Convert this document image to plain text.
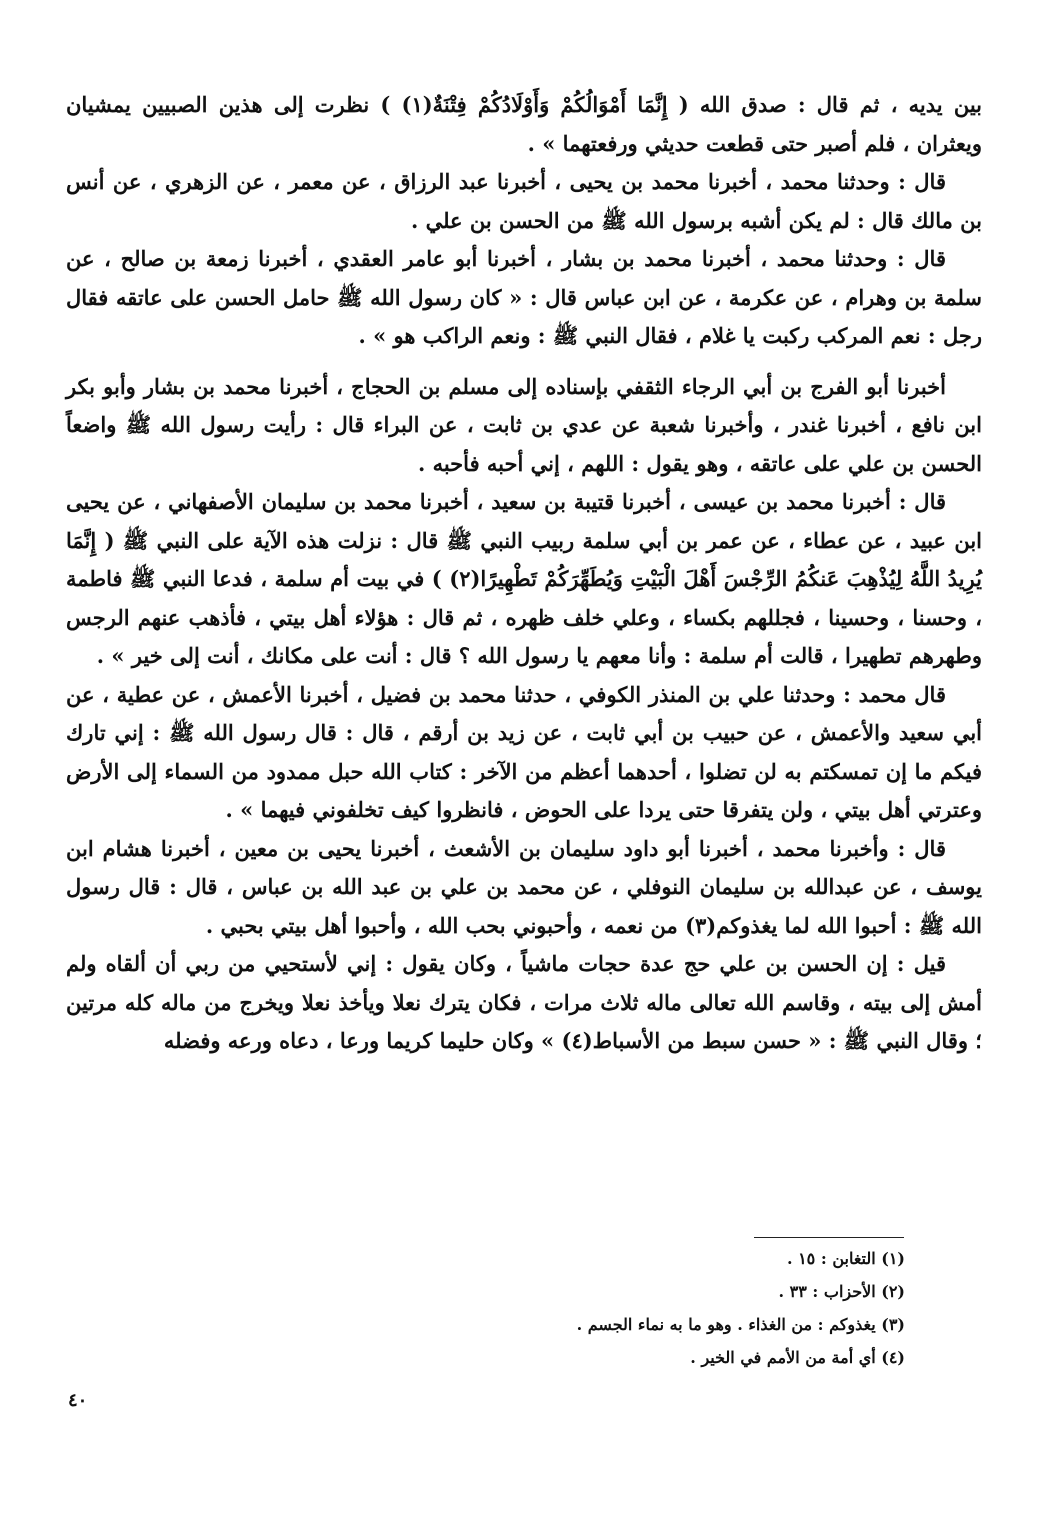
بين يديه ، ثم قال : صدق الله ( إِنَّمَا أَمْوَالُكُمْ وَأَوْلَادُكُمْ فِتْنَةٌ(١) ) نظرت إلى هذين الصبيين يمشيان ويعثران ، فلم أصبر حتى قطعت حديثي ورفعتهما » .

قال : وحدثنا محمد ، أخبرنا محمد بن يحيى ، أخبرنا عبد الرزاق ، عن معمر ، عن الزهري ، عن أنس بن مالك قال : لم يكن أشبه برسول الله ﷺ من الحسن بن علي .

قال : وحدثنا محمد ، أخبرنا محمد بن بشار ، أخبرنا أبو عامر العقدي ، أخبرنا زمعة بن صالح ، عن سلمة بن وهرام ، عن عكرمة ، عن ابن عباس قال : « كان رسول الله ﷺ حامل الحسن على عاتقه فقال رجل : نعم المركب ركبت يا غلام ، فقال النبي ﷺ : ونعم الراكب هو » .

أخبرنا أبو الفرج بن أبي الرجاء الثقفي بإسناده إلى مسلم بن الحجاج ، أخبرنا محمد بن بشار وأبو بكر ابن نافع ، أخبرنا غندر ، وأخبرنا شعبة عن عدي بن ثابت ، عن البراء قال : رأيت رسول الله ﷺ واضعاً الحسن بن علي على عاتقه ، وهو يقول : اللهم ، إني أحبه فأحبه .

قال : أخبرنا محمد بن عيسى ، أخبرنا قتيبة بن سعيد ، أخبرنا محمد بن سليمان الأصفهاني ، عن يحيى ابن عبيد ، عن عطاء ، عن عمر بن أبي سلمة ربيب النبي ﷺ قال : نزلت هذه الآية على النبي ﷺ ( إِنَّمَا يُرِيدُ اللَّهُ لِيُذْهِبَ عَنكُمُ الرِّجْسَ أَهْلَ الْبَيْتِ وَيُطَهِّرَكُمْ تَطْهِيرًا(٢) ) في بيت أم سلمة ، فدعا النبي ﷺ فاطمة ، وحسنا ، وحسينا ، فجللهم بكساء ، وعلي خلف ظهره ، ثم قال : هؤلاء أهل بيتي ، فأذهب عنهم الرجس وطهرهم تطهيرا ، قالت أم سلمة : وأنا معهم يا رسول الله ؟ قال : أنت على مكانك ، أنت إلى خير » .

قال محمد : وحدثنا علي بن المنذر الكوفي ، حدثنا محمد بن فضيل ، أخبرنا الأعمش ، عن عطية ، عن أبي سعيد والأعمش ، عن حبيب بن أبي ثابت ، عن زيد بن أرقم ، قال : قال رسول الله ﷺ : إني تارك فيكم ما إن تمسكتم به لن تضلوا ، أحدهما أعظم من الآخر : كتاب الله حبل ممدود من السماء إلى الأرض وعترتي أهل بيتي ، ولن يتفرقا حتى يردا على الحوض ، فانظروا كيف تخلفوني فيهما » .

قال : وأخبرنا محمد ، أخبرنا أبو داود سليمان بن الأشعث ، أخبرنا يحيى بن معين ، أخبرنا هشام ابن يوسف ، عن عبدالله بن سليمان النوفلي ، عن محمد بن علي بن عبد الله بن عباس ، قال : قال رسول الله ﷺ : أحبوا الله لما يغذوكم(٣) من نعمه ، وأحبوني بحب الله ، وأحبوا أهل بيتي بحبي .

قيل : إن الحسن بن علي حج عدة حجات ماشياً ، وكان يقول : إني لأستحيي من ربي أن ألقاه ولم أمش إلى بيته ، وقاسم الله تعالى ماله ثلاث مرات ، فكان يترك نعلا ويأخذ نعلا ويخرج من ماله كله مرتين ؛ وقال النبي ﷺ : « حسن سبط من الأسباط(٤) » وكان حليما كريما ورعا ، دعاه ورعه وفضله

(١) التغابن : ١٥ .

(٢) الأحزاب : ٣٣ .

(٣) يغذوكم : من الغذاء . وهو ما به نماء الجسم .

(٤) أي أمة من الأمم في الخير .

٤٠
